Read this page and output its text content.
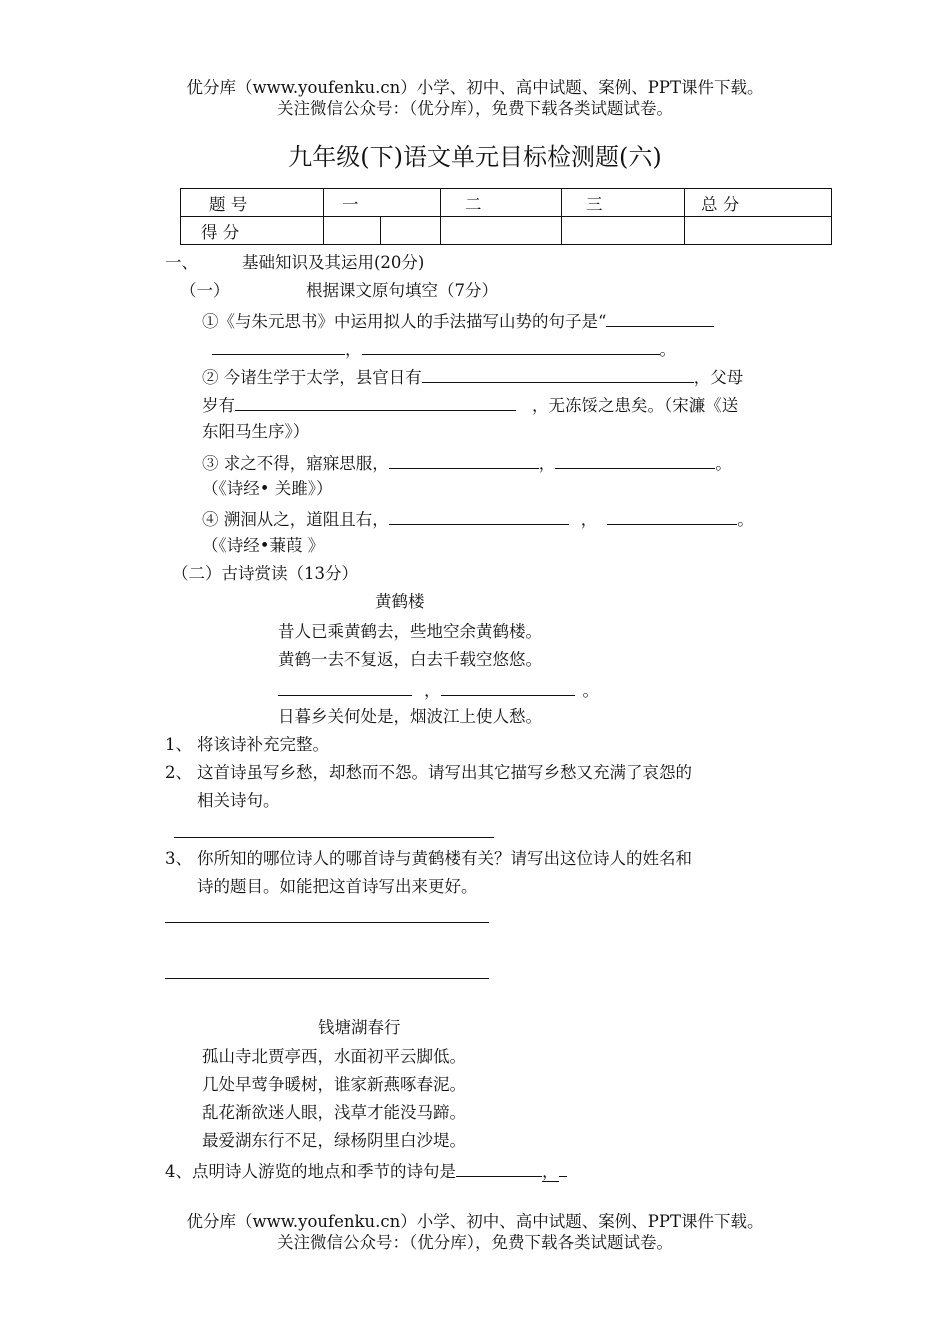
优分库（www.youfenku.cn）小学、初中、高中试题、案例、PPT课件下载。
关注微信公众号：（优分库），免费下载各类试题试卷。
九年级(下)语文单元目标检测题(六)
题 号	一		二	三	总 分
得 分					
一、	基础知识及其运用(20分)
（一）	根据课文原句填空（7分）
①《与朱元思书》中运用拟人的手法描写山势的句子是“
，	。
② 今诸生学于太学，县官日有	，父母
岁有	，无冻馁之患矣。（宋濂《送
东阳马生序》）
③ 求之不得，寤寐思服，	，	。
（《诗经• 关雎》）
④ 溯洄从之，道阻且右，	，	。
（《诗经•蒹葭 》
（二）古诗赏读（13分）
黄鹤楼
昔人已乘黄鹤去，些地空余黄鹤楼。
黄鹤一去不复返，白去千载空悠悠。
，	。
日暮乡关何处是，烟波江上使人愁。
1、 将该诗补充完整。
2、 这首诗虽写乡愁，却愁而不怨。请写出其它描写乡愁又充满了哀怨的
相关诗句。
3、 你所知的哪位诗人的哪首诗与黄鹤楼有关？请写出这位诗人的姓名和
诗的题目。如能把这首诗写出来更好。
钱塘湖春行
孤山寺北贾亭西，水面初平云脚低。
几处早莺争暖树，谁家新燕啄春泥。
乱花渐欲迷人眼，浅草才能没马蹄。
最爱湖东行不足，绿杨阴里白沙堤。
4、点明诗人游览的地点和季节的诗句是	，
优分库（www.youfenku.cn）小学、初中、高中试题、案例、PPT课件下载。
关注微信公众号：（优分库），免费下载各类试题试卷。
